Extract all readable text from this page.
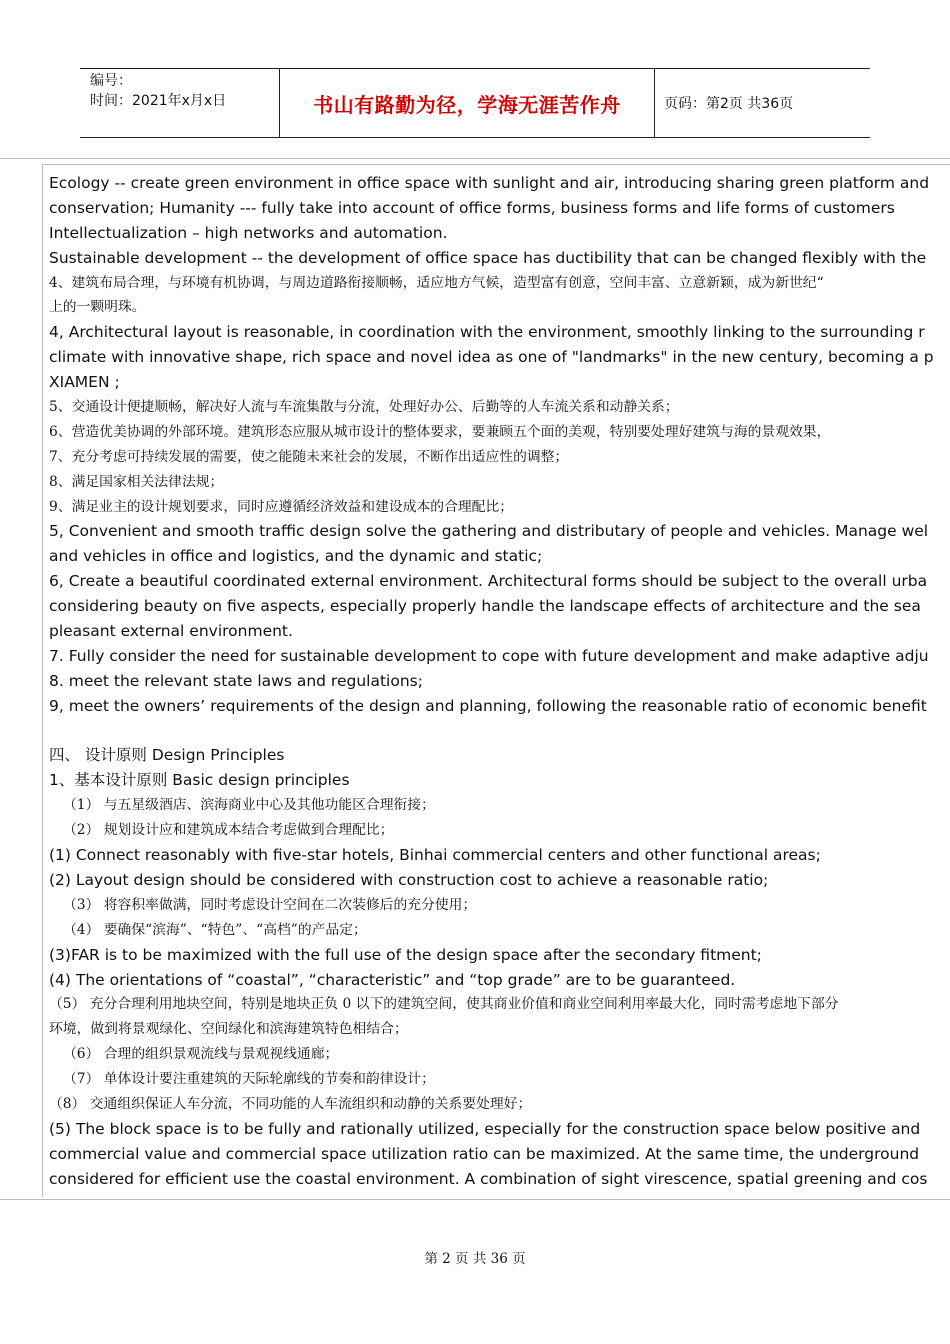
编号：
时间：2021年x月x日	书山有路勤为径，学海无涯苦作舟	页码：第2页 共36页
Ecology -- create green environment in office space with sunlight and air, introducing sharing green platform and
conservation; Humanity --- fully take into account of office forms, business forms and life forms of customers
Intellectualization – high networks and automation.
Sustainable development -- the development of office space has ductibility that can be changed flexibly with the
4、建筑布局合理，与环境有机协调，与周边道路衔接顺畅，适应地方气候，造型富有创意，空间丰富、立意新颖，成为新世纪“
上的一颗明珠。
4, Architectural layout is reasonable, in coordination with the environment, smoothly linking to the surrounding r
climate with innovative shape, rich space and novel idea as one of "landmarks" in the new century, becoming a p
XIAMEN ;
5、交通设计便捷顺畅，解决好人流与车流集散与分流，处理好办公、后勤等的人车流关系和动静关系；
6、营造优美协调的外部环境。建筑形态应服从城市设计的整体要求，要兼顾五个面的美观，特别要处理好建筑与海的景观效果，
7、充分考虑可持续发展的需要，使之能随未来社会的发展，不断作出适应性的调整；
8、满足国家相关法律法规；
9、满足业主的设计规划要求，同时应遵循经济效益和建设成本的合理配比；
5, Convenient and smooth traffic design solve the gathering and distributary of people and vehicles. Manage wel
and vehicles in office and logistics, and the dynamic and static;
6, Create a beautiful coordinated external environment. Architectural forms should be subject to the overall urba
considering beauty on five aspects, especially properly handle the landscape effects of architecture and the sea
pleasant external environment.
7. Fully consider the need for sustainable development to cope with future development and make adaptive adju
8. meet the relevant state laws and regulations;
9, meet the owners’ requirements of the design and planning, following the reasonable ratio of economic benefit
四、 设计原则 Design Principles
1、基本设计原则 Basic design principles
（1） 与五星级酒店、滨海商业中心及其他功能区合理衔接；
（2） 规划设计应和建筑成本结合考虑做到合理配比；
(1) Connect reasonably with five-star hotels, Binhai commercial centers and other functional areas;
(2) Layout design should be considered with construction cost to achieve a reasonable ratio;
（3） 将容积率做满，同时考虑设计空间在二次装修后的充分使用；
（4） 要确保“滨海”、“特色”、“高档”的产品定；
(3)FAR is to be maximized with the full use of the design space after the secondary fitment;
(4) The orientations of “coastal”, “characteristic” and “top grade” are to be guaranteed.
（5） 充分合理利用地块空间，特别是地块正负 0 以下的建筑空间，使其商业价值和商业空间利用率最大化，同时需考虑地下部分
环境，做到将景观绿化、空间绿化和滨海建筑特色相结合；
（6） 合理的组织景观流线与景观视线通廊；
（7） 单体设计要注重建筑的天际轮廓线的节奏和韵律设计；
（8） 交通组织保证人车分流，不同功能的人车流组织和动静的关系要处理好；
(5) The block space is to be fully and rationally utilized, especially for the construction space below positive and
commercial value and commercial space utilization ratio can be maximized. At the same time, the underground
considered for efficient use the coastal environment. A combination of sight virescence, spatial greening and cos
第 2 页 共 36 页
